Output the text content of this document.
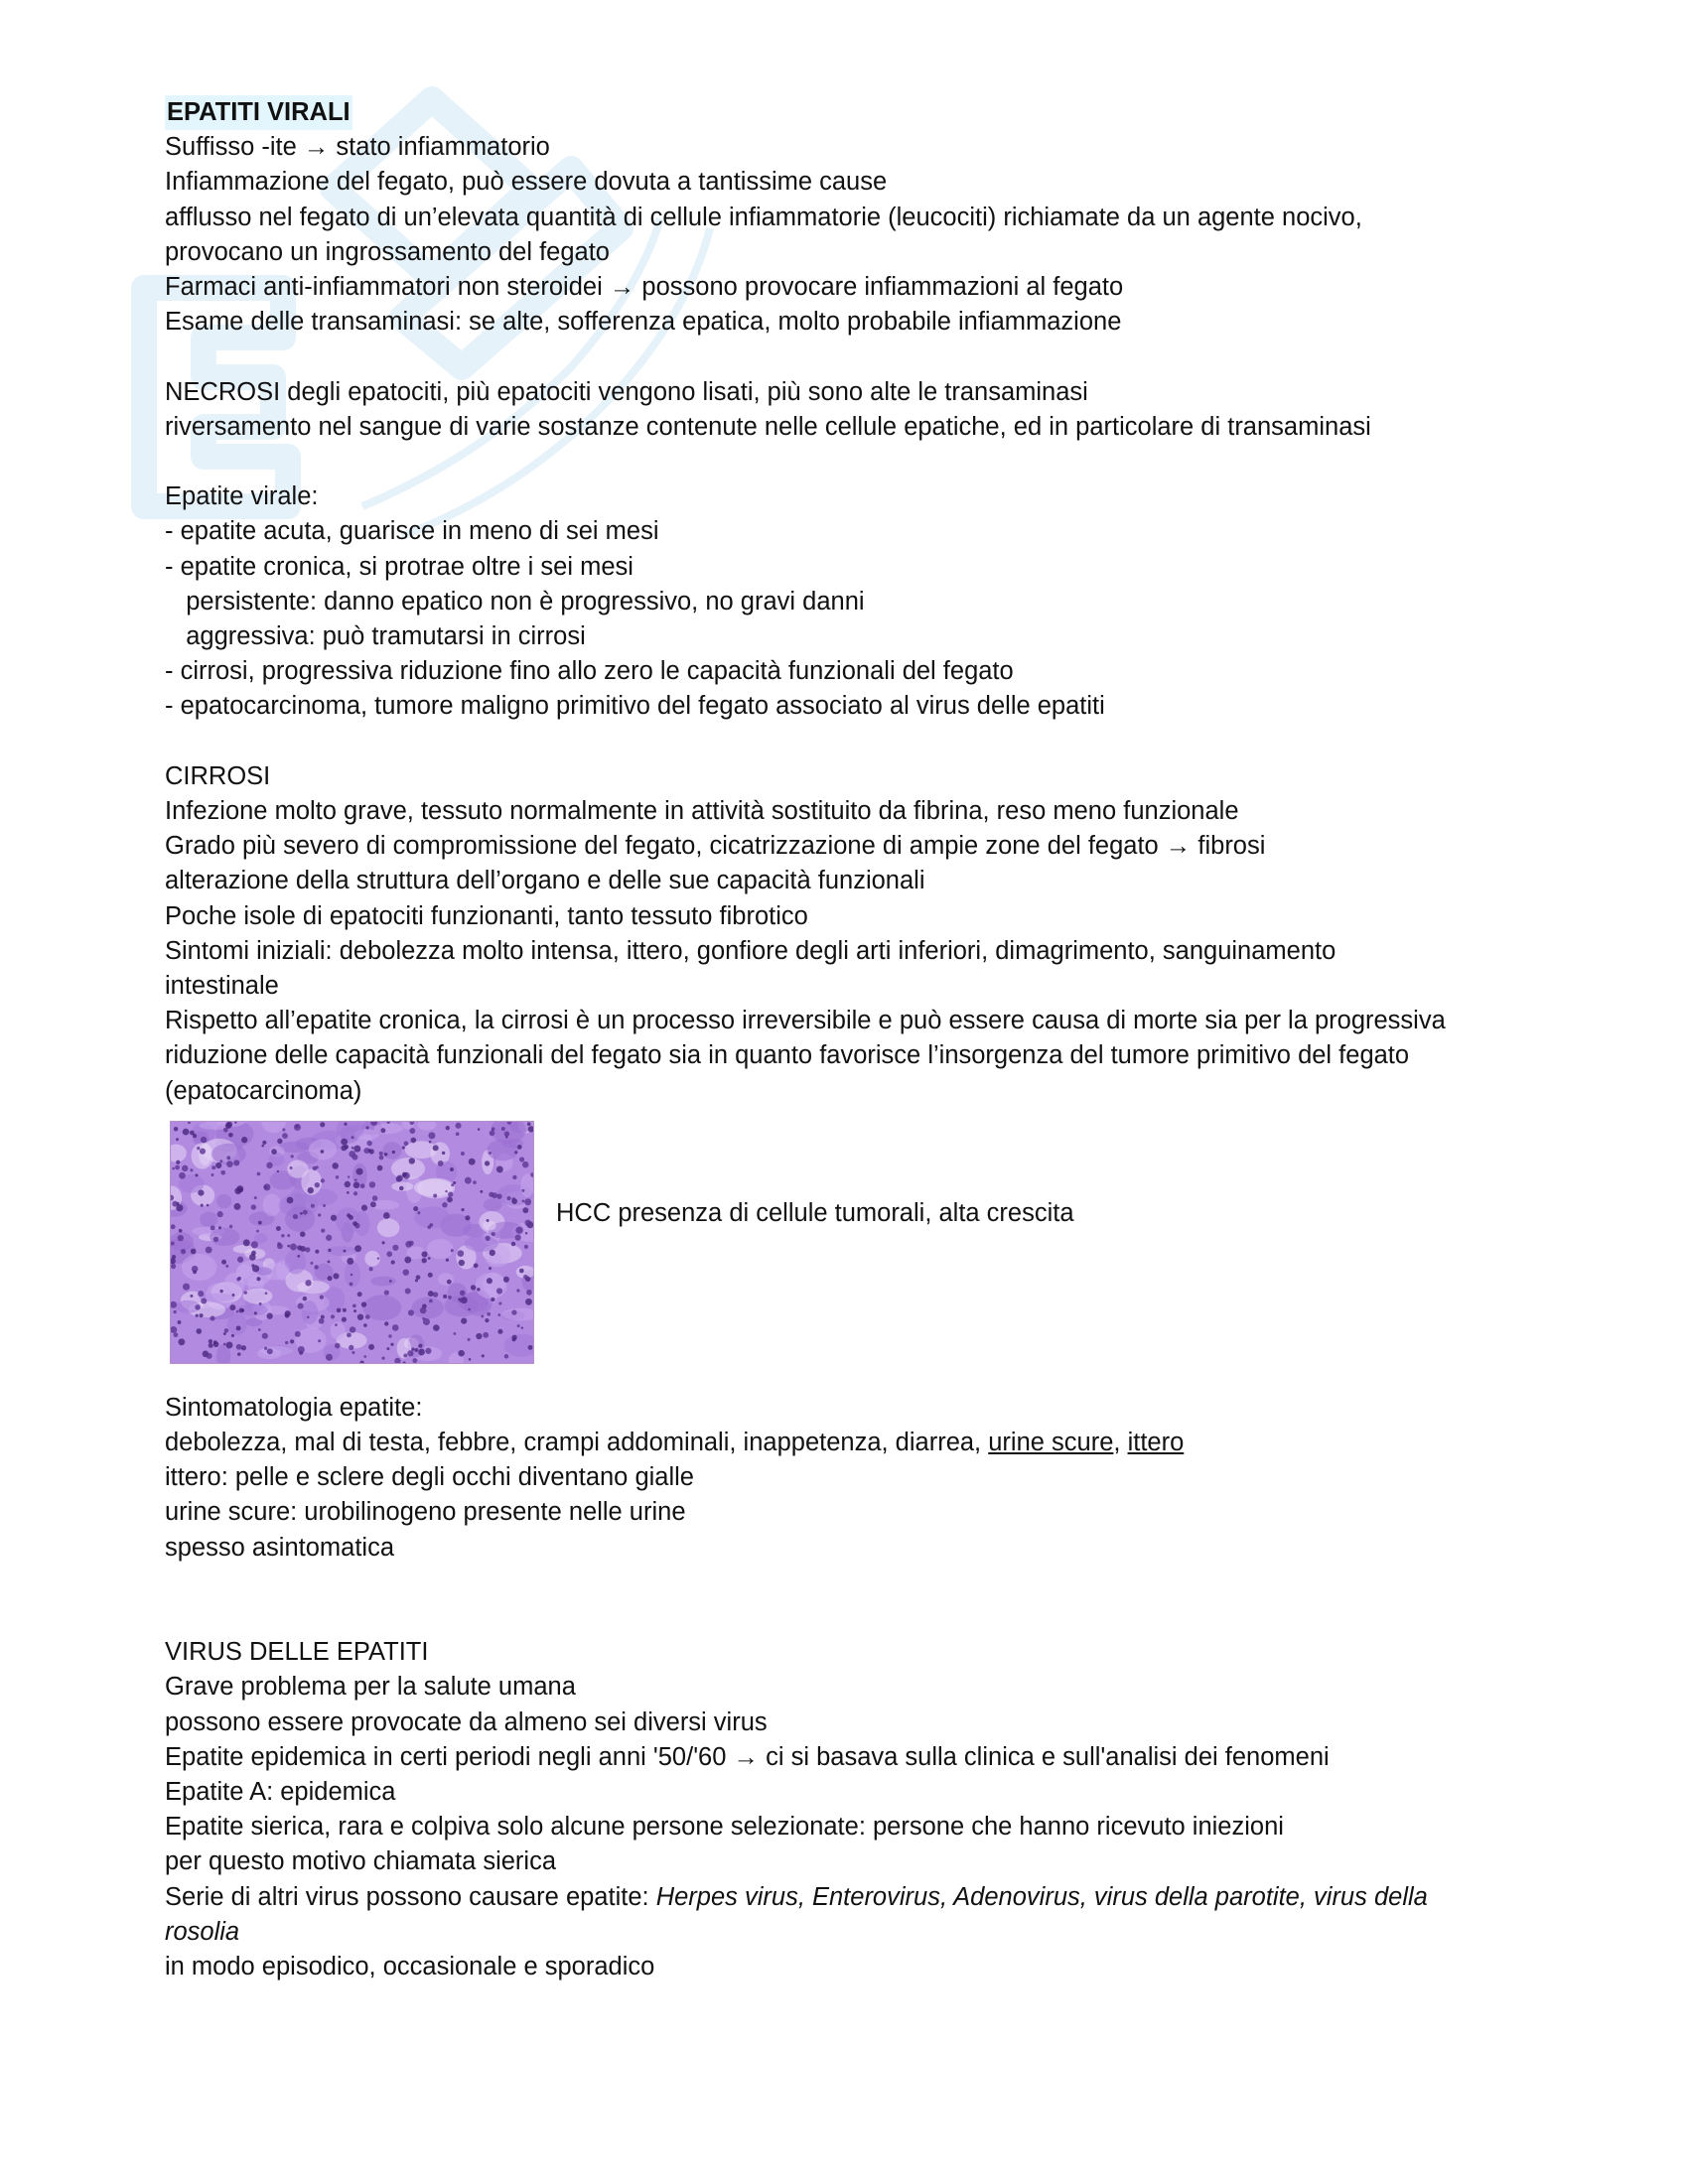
EPATITI VIRALI
Suffisso -ite → stato infiammatorio
Infiammazione del fegato, può essere dovuta a tantissime cause
afflusso nel fegato di un’elevata quantità di cellule infiammatorie (leucociti) richiamate da un agente nocivo,
provocano un ingrossamento del fegato
Farmaci anti-infiammatori non steroidei → possono provocare infiammazioni al fegato
Esame delle transaminasi: se alte, sofferenza epatica, molto probabile infiammazione
NECROSI degli epatociti, più epatociti vengono lisati, più sono alte le transaminasi
riversamento nel sangue di varie sostanze contenute nelle cellule epatiche, ed in particolare di transaminasi
Epatite virale:
- epatite acuta, guarisce in meno di sei mesi
- epatite cronica, si protrae oltre i sei mesi
persistente: danno epatico non è progressivo, no gravi danni
aggressiva: può tramutarsi in cirrosi
- cirrosi, progressiva riduzione fino allo zero le capacità funzionali del fegato
- epatocarcinoma, tumore maligno primitivo del fegato associato al virus delle epatiti
CIRROSI
Infezione molto grave, tessuto normalmente in attività sostituito da fibrina, reso meno funzionale
Grado più severo di compromissione del fegato, cicatrizzazione di ampie zone del fegato → fibrosi
alterazione della struttura dell’organo e delle sue capacità funzionali
Poche isole di epatociti funzionanti, tanto tessuto fibrotico
Sintomi iniziali: debolezza molto intensa, ittero, gonfiore degli arti inferiori, dimagrimento, sanguinamento
intestinale
Rispetto all’epatite cronica, la cirrosi è un processo irreversibile e può essere causa di morte sia per la progressiva
riduzione delle capacità funzionali del fegato sia in quanto favorisce l’insorgenza del tumore primitivo del fegato
(epatocarcinoma)
HCC presenza di cellule tumorali, alta crescita
Sintomatologia epatite:
debolezza, mal di testa, febbre, crampi addominali, inappetenza, diarrea, urine scure, ittero
ittero: pelle e sclere degli occhi diventano gialle
urine scure: urobilinogeno presente nelle urine
spesso asintomatica
VIRUS DELLE EPATITI
Grave problema per la salute umana
possono essere provocate da almeno sei diversi virus
Epatite epidemica in certi periodi negli anni '50/'60 → ci si basava sulla clinica e sull'analisi dei fenomeni
Epatite A: epidemica
Epatite sierica, rara e colpiva solo alcune persone selezionate: persone che hanno ricevuto iniezioni
per questo motivo chiamata sierica
Serie di altri virus possono causare epatite: Herpes virus, Enterovirus, Adenovirus, virus della parotite, virus della
rosolia
in modo episodico, occasionale e sporadico
